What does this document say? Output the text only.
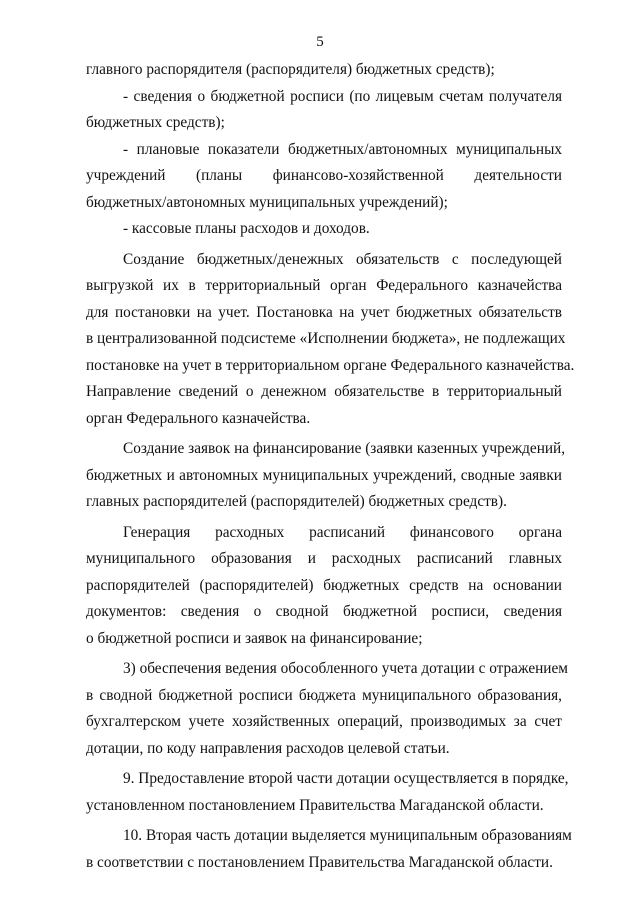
5
главного распорядителя (распорядителя) бюджетных средств);
- сведения о бюджетной росписи (по лицевым счетам получателя
бюджетных средств);
- плановые показатели бюджетных/автономных муниципальных
учреждений (планы финансово-хозяйственной деятельности
бюджетных/автономных муниципальных учреждений);
- кассовые планы расходов и доходов.
Создание бюджетных/денежных обязательств с последующей
выгрузкой их в территориальный орган Федерального казначейства
для постановки на учет. Постановка на учет бюджетных обязательств
в централизованной подсистеме «Исполнении бюджета», не подлежащих
постановке на учет в территориальном органе Федерального казначейства.
Направление сведений о денежном обязательстве в территориальный
орган Федерального казначейства.
Создание заявок на финансирование (заявки казенных учреждений,
бюджетных и автономных муниципальных учреждений, сводные заявки
главных распорядителей (распорядителей) бюджетных средств).
Генерация расходных расписаний финансового органа
муниципального образования и расходных расписаний главных
распорядителей (распорядителей) бюджетных средств на основании
документов: сведения о сводной бюджетной росписи, сведения
о бюджетной росписи и заявок на финансирование;
3) обеспечения ведения обособленного учета дотации с отражением
в сводной бюджетной росписи бюджета муниципального образования,
бухгалтерском учете хозяйственных операций, производимых за счет
дотации, по коду направления расходов целевой статьи.
9. Предоставление второй части дотации осуществляется в порядке,
установленном постановлением Правительства Магаданской области.
10. Вторая часть дотации выделяется муниципальным образованиям
в соответствии с постановлением Правительства Магаданской области.
